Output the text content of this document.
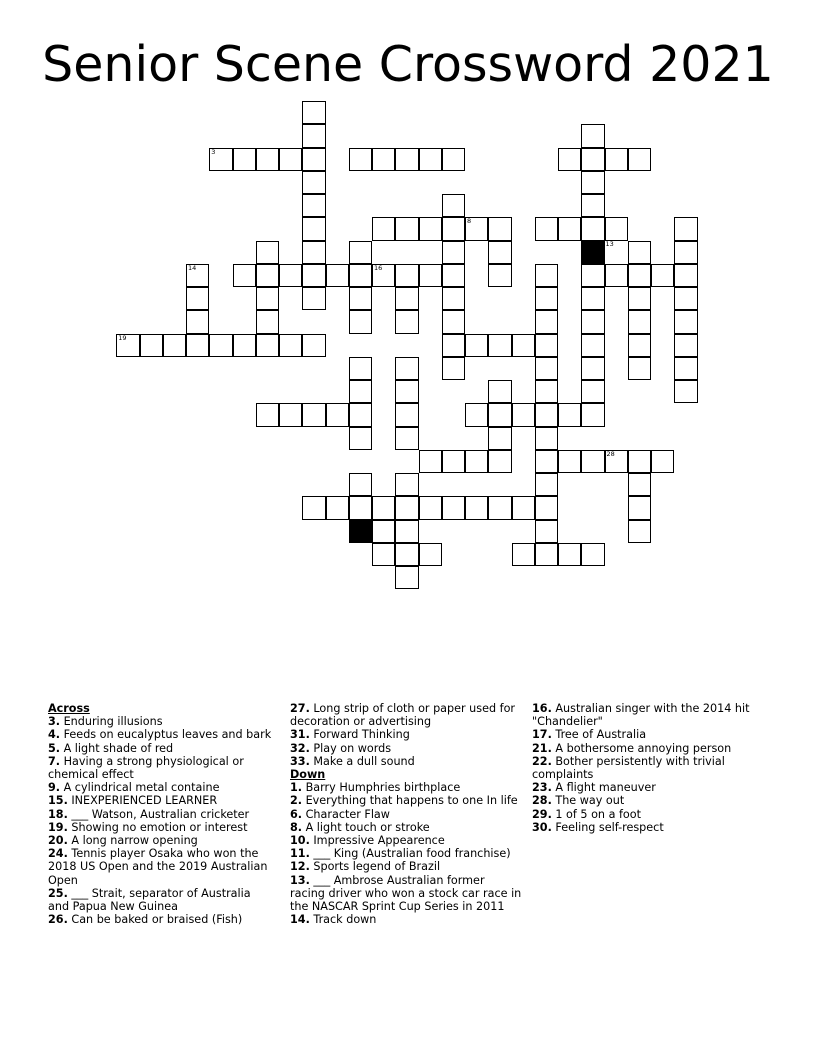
Senior Scene Crossword 2021
3
8
14	16
19
28
13
Across
3. Enduring illusions
4. Feeds on eucalyptus leaves and bark
5. A light shade of red
7. Having a strong physiological or chemical effect
9. A cylindrical metal containe
15. INEXPERIENCED LEARNER
18. ___ Watson, Australian cricketer
19. Showing no emotion or interest
20. A long narrow opening
24. Tennis player Osaka who won the 2018 US Open and the 2019 Australian Open
25. ___ Strait, separator of Australia and Papua New Guinea
26. Can be baked or braised (Fish)
27. Long strip of cloth or paper used for decoration or advertising
31. Forward Thinking
32. Play on words
33. Make a dull sound
Down
1. Barry Humphries birthplace
2. Everything that happens to one In life
6. Character Flaw
8. A light touch or stroke
10. Impressive Appearence
11. ___ King (Australian food franchise)
12. Sports legend of Brazil
13. ___ Ambrose Australian former racing driver who won a stock car race in the NASCAR Sprint Cup Series in 2011
14. Track down
16. Australian singer with the 2014 hit "Chandelier"
17. Tree of Australia
21. A bothersome annoying person
22. Bother persistently with trivial complaints
23. A flight maneuver
28. The way out
29. 1 of 5 on a foot
30. Feeling self-respect
